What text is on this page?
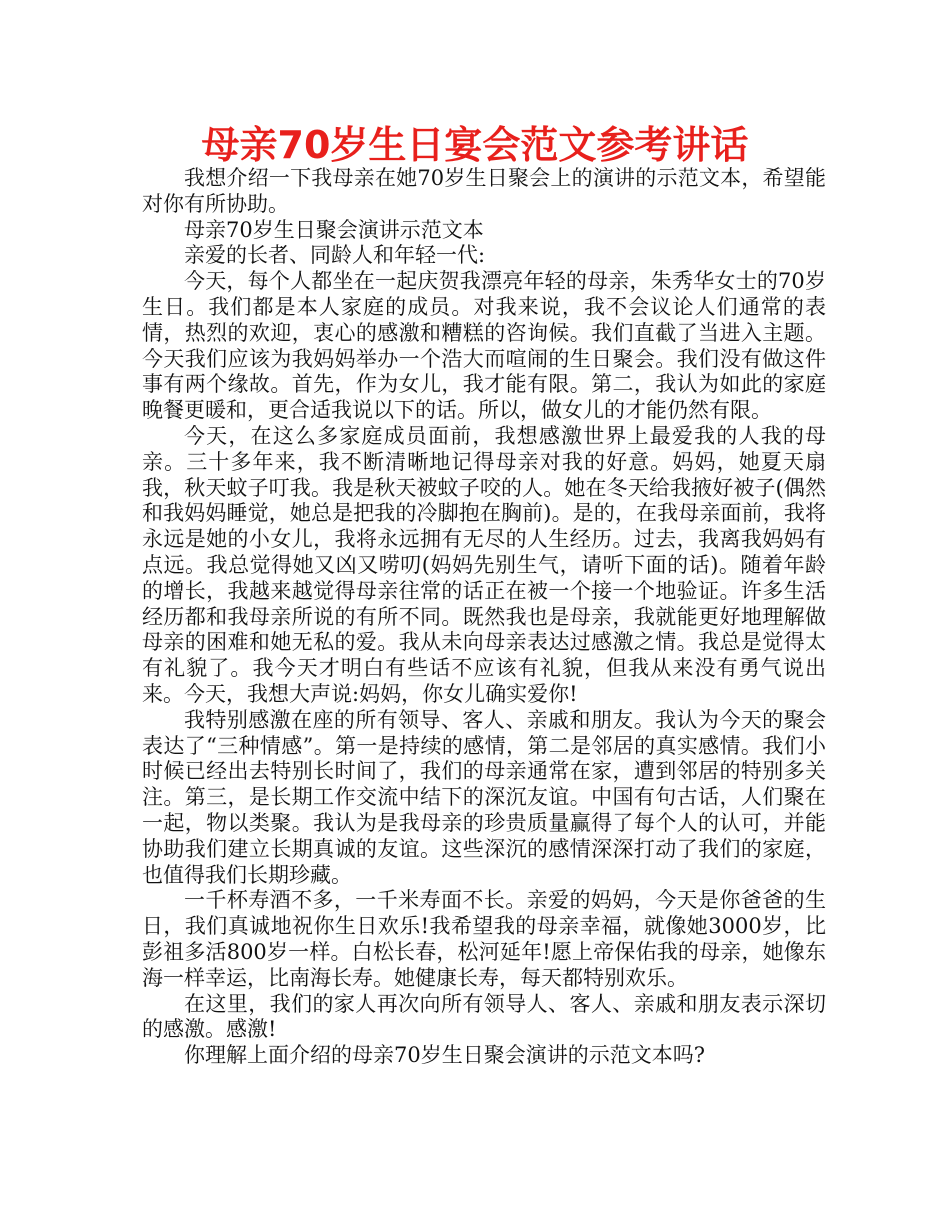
母亲70岁生日宴会范文参考讲话

我想介绍一下我母亲在她70岁生日聚会上的演讲的示范文本，希望能对你有所协助。

母亲70岁生日聚会演讲示范文本

亲爱的长者、同龄人和年轻一代:

今天，每个人都坐在一起庆贺我漂亮年轻的母亲，朱秀华女士的70岁生日。我们都是本人家庭的成员。对我来说，我不会议论人们通常的表情，热烈的欢迎，衷心的感激和糟糕的咨询候。我们直截了当进入主题。今天我们应该为我妈妈举办一个浩大而喧闹的生日聚会。我们没有做这件事有两个缘故。首先，作为女儿，我才能有限。第二，我认为如此的家庭晚餐更暖和，更合适我说以下的话。所以，做女儿的才能仍然有限。

今天，在这么多家庭成员面前，我想感激世界上最爱我的人我的母亲。三十多年来，我不断清晰地记得母亲对我的好意。妈妈，她夏天扇我，秋天蚊子叮我。我是秋天被蚊子咬的人。她在冬天给我掖好被子(偶然和我妈妈睡觉，她总是把我的冷脚抱在胸前)。是的，在我母亲面前，我将永远是她的小女儿，我将永远拥有无尽的人生经历。过去，我离我妈妈有点远。我总觉得她又凶又唠叨(妈妈先别生气，请听下面的话)。随着年龄的增长，我越来越觉得母亲往常的话正在被一个接一个地验证。许多生活经历都和我母亲所说的有所不同。既然我也是母亲，我就能更好地理解做母亲的困难和她无私的爱。我从未向母亲表达过感激之情。我总是觉得太有礼貌了。我今天才明白有些话不应该有礼貌，但我从来没有勇气说出来。今天，我想大声说:妈妈，你女儿确实爱你!

我特别感激在座的所有领导、客人、亲戚和朋友。我认为今天的聚会表达了“三种情感”。第一是持续的感情，第二是邻居的真实感情。我们小时候已经出去特别长时间了，我们的母亲通常在家，遭到邻居的特别多关注。第三，是长期工作交流中结下的深沉友谊。中国有句古话，人们聚在一起，物以类聚。我认为是我母亲的珍贵质量赢得了每个人的认可，并能协助我们建立长期真诚的友谊。这些深沉的感情深深打动了我们的家庭，也值得我们长期珍藏。

一千杯寿酒不多，一千米寿面不长。亲爱的妈妈，今天是你爸爸的生日，我们真诚地祝你生日欢乐!我希望我的母亲幸福，就像她3000岁，比彭祖多活800岁一样。白松长春，松河延年!愿上帝保佑我的母亲，她像东海一样幸运，比南海长寿。她健康长寿，每天都特别欢乐。

在这里，我们的家人再次向所有领导人、客人、亲戚和朋友表示深切的感激。感激!

你理解上面介绍的母亲70岁生日聚会演讲的示范文本吗?
